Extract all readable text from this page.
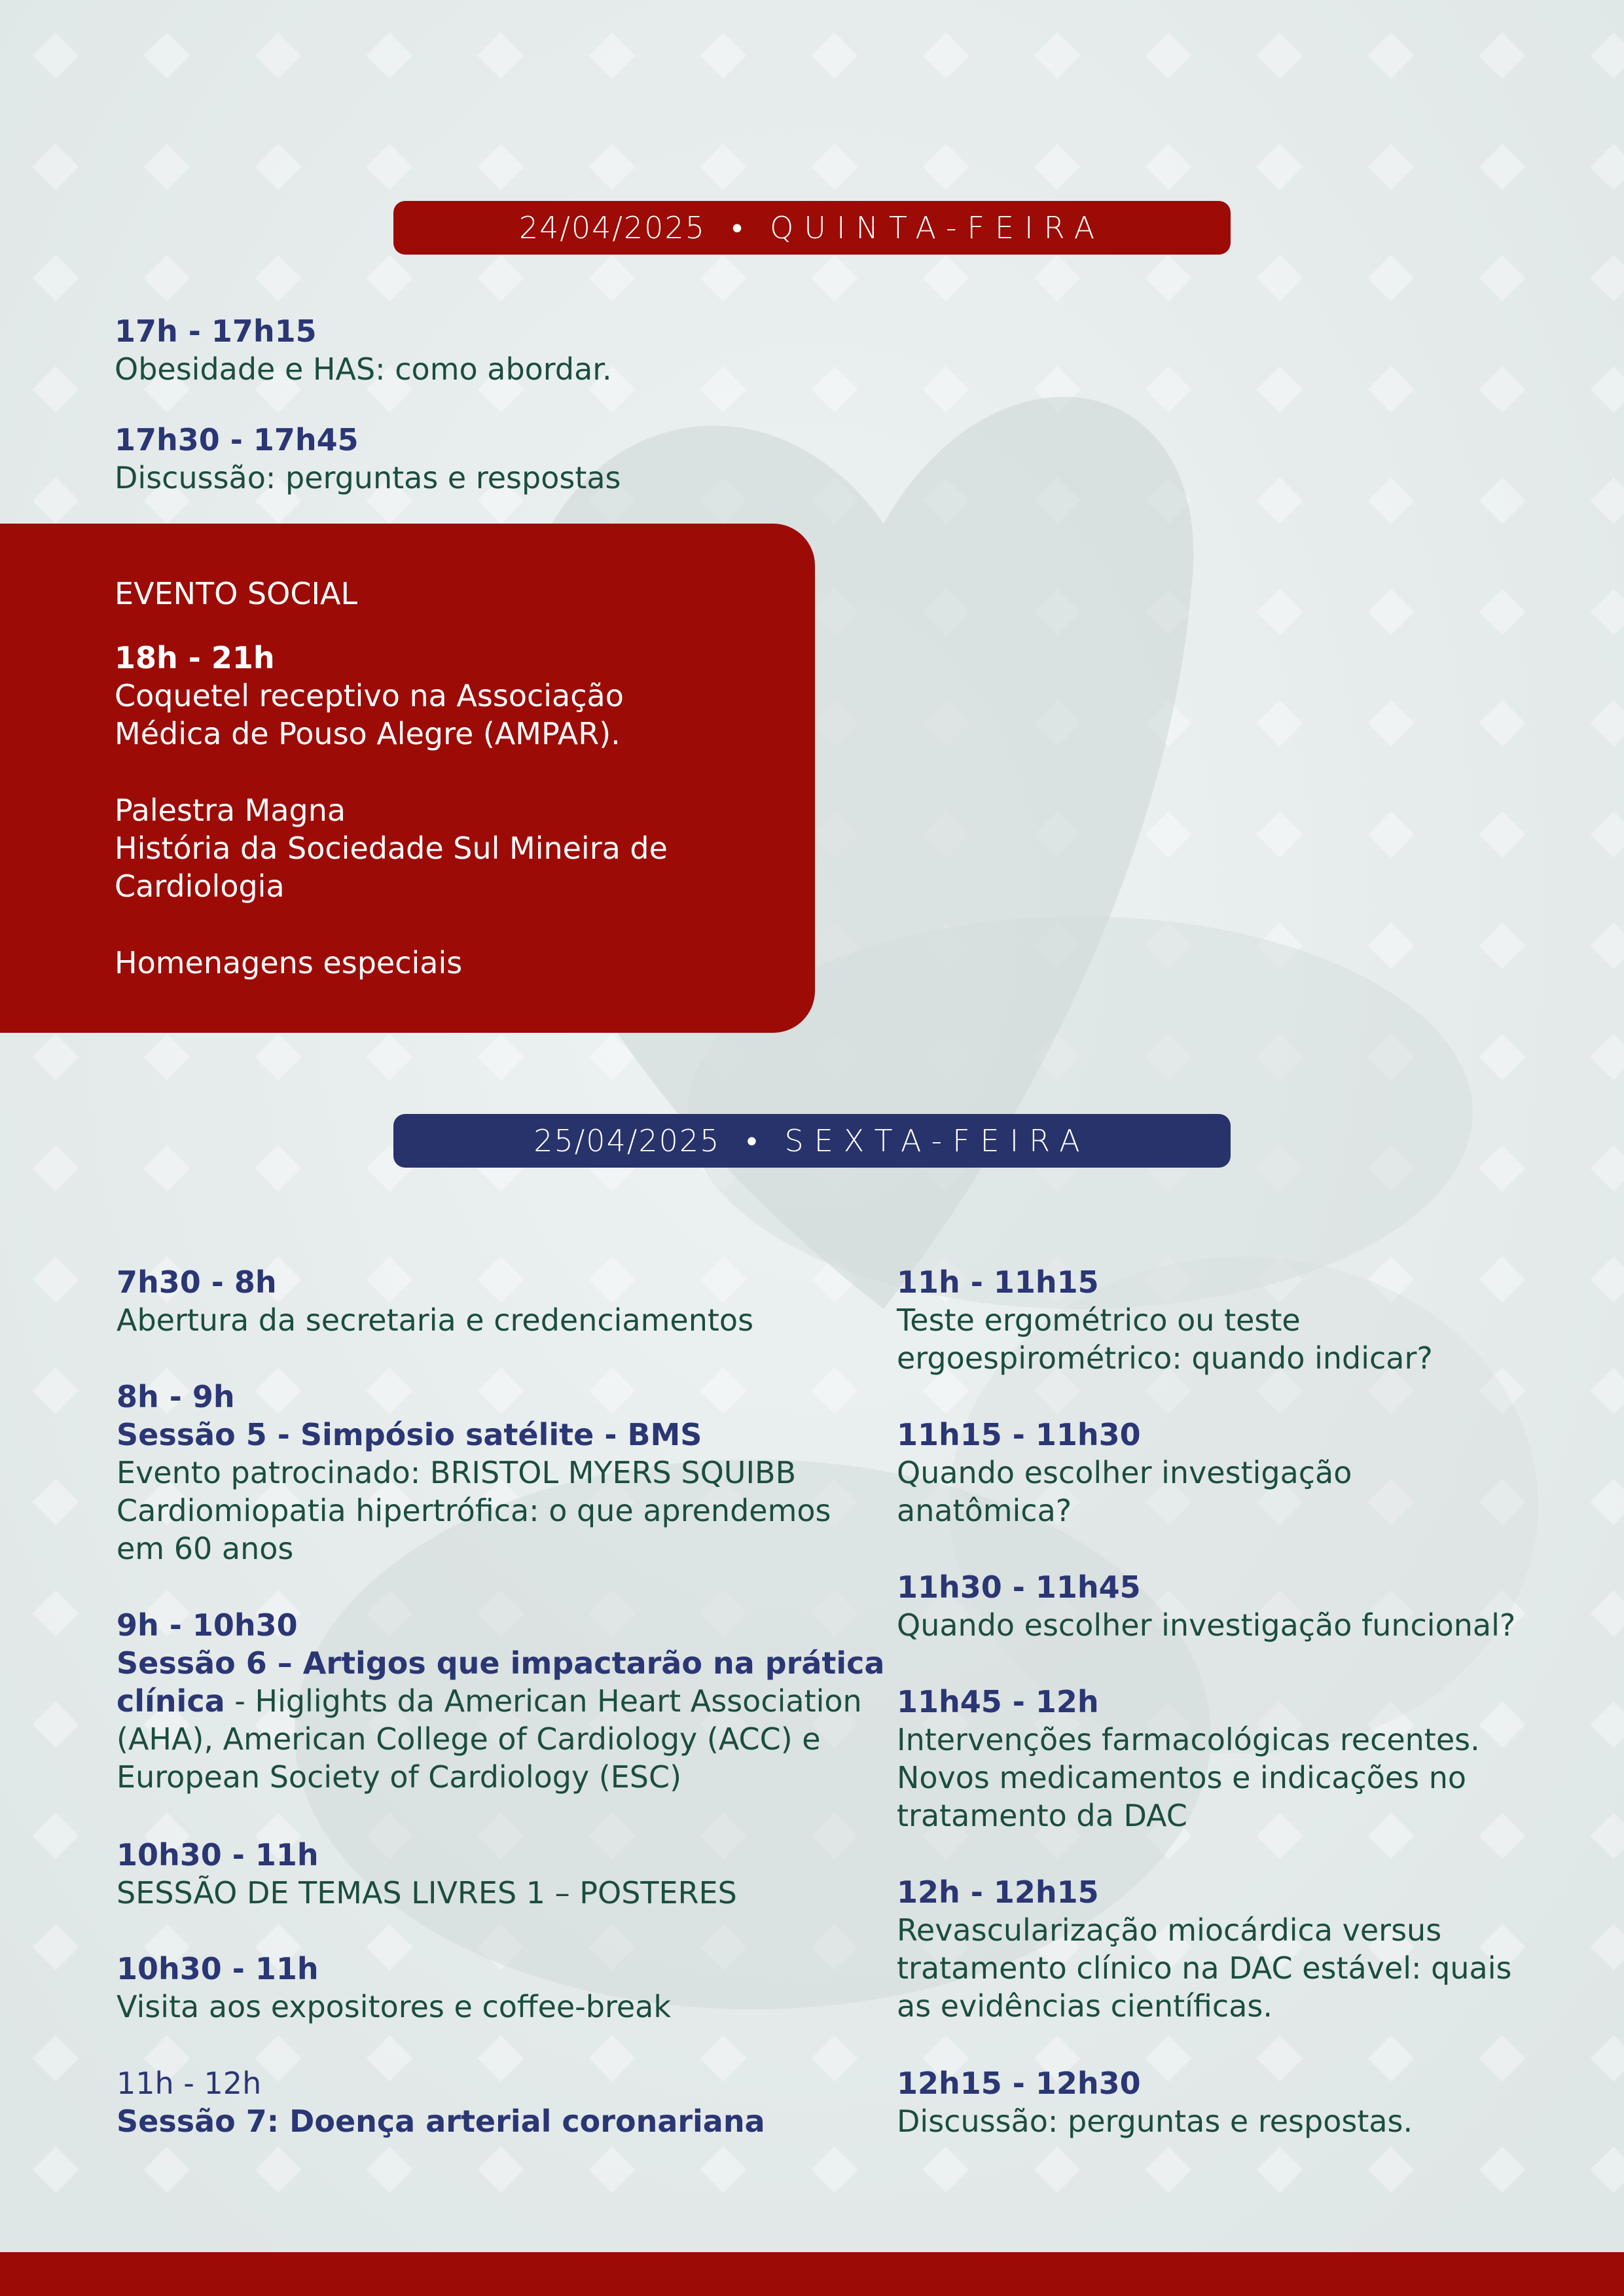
24/04/2025 • QUINTA-FEIRA
17h - 17h15
Obesidade e HAS: como abordar.
17h30 - 17h45
Discussão: perguntas e respostas
EVENTO SOCIAL
18h - 21h
Coquetel receptivo na Associação
Médica de Pouso Alegre (AMPAR).
Palestra Magna
História da Sociedade Sul Mineira de
Cardiologia
Homenagens especiais
25/04/2025 • SEXTA-FEIRA
7h30 - 8h
Abertura da secretaria e credenciamentos
8h - 9h
Sessão 5 - Simpósio satélite - BMS
Evento patrocinado: BRISTOL MYERS SQUIBB
Cardiomiopatia hipertrófica: o que aprendemos
em 60 anos
9h - 10h30
Sessão 6 – Artigos que impactarão na prática
clínica - Higlights da American Heart Association
(AHA), American College of Cardiology (ACC) e
European Society of Cardiology (ESC)
10h30 - 11h
SESSÃO DE TEMAS LIVRES 1 – POSTERES
10h30 - 11h
Visita aos expositores e coffee-break
11h - 12h
Sessão 7: Doença arterial coronariana
11h - 11h15
Teste ergométrico ou teste
ergoespirométrico: quando indicar?
11h15 - 11h30
Quando escolher investigação
anatômica?
11h30 - 11h45
Quando escolher investigação funcional?
11h45 - 12h
Intervenções farmacológicas recentes.
Novos medicamentos e indicações no
tratamento da DAC
12h - 12h15
Revascularização miocárdica versus
tratamento clínico na DAC estável: quais
as evidências científicas.
12h15 - 12h30
Discussão: perguntas e respostas.
